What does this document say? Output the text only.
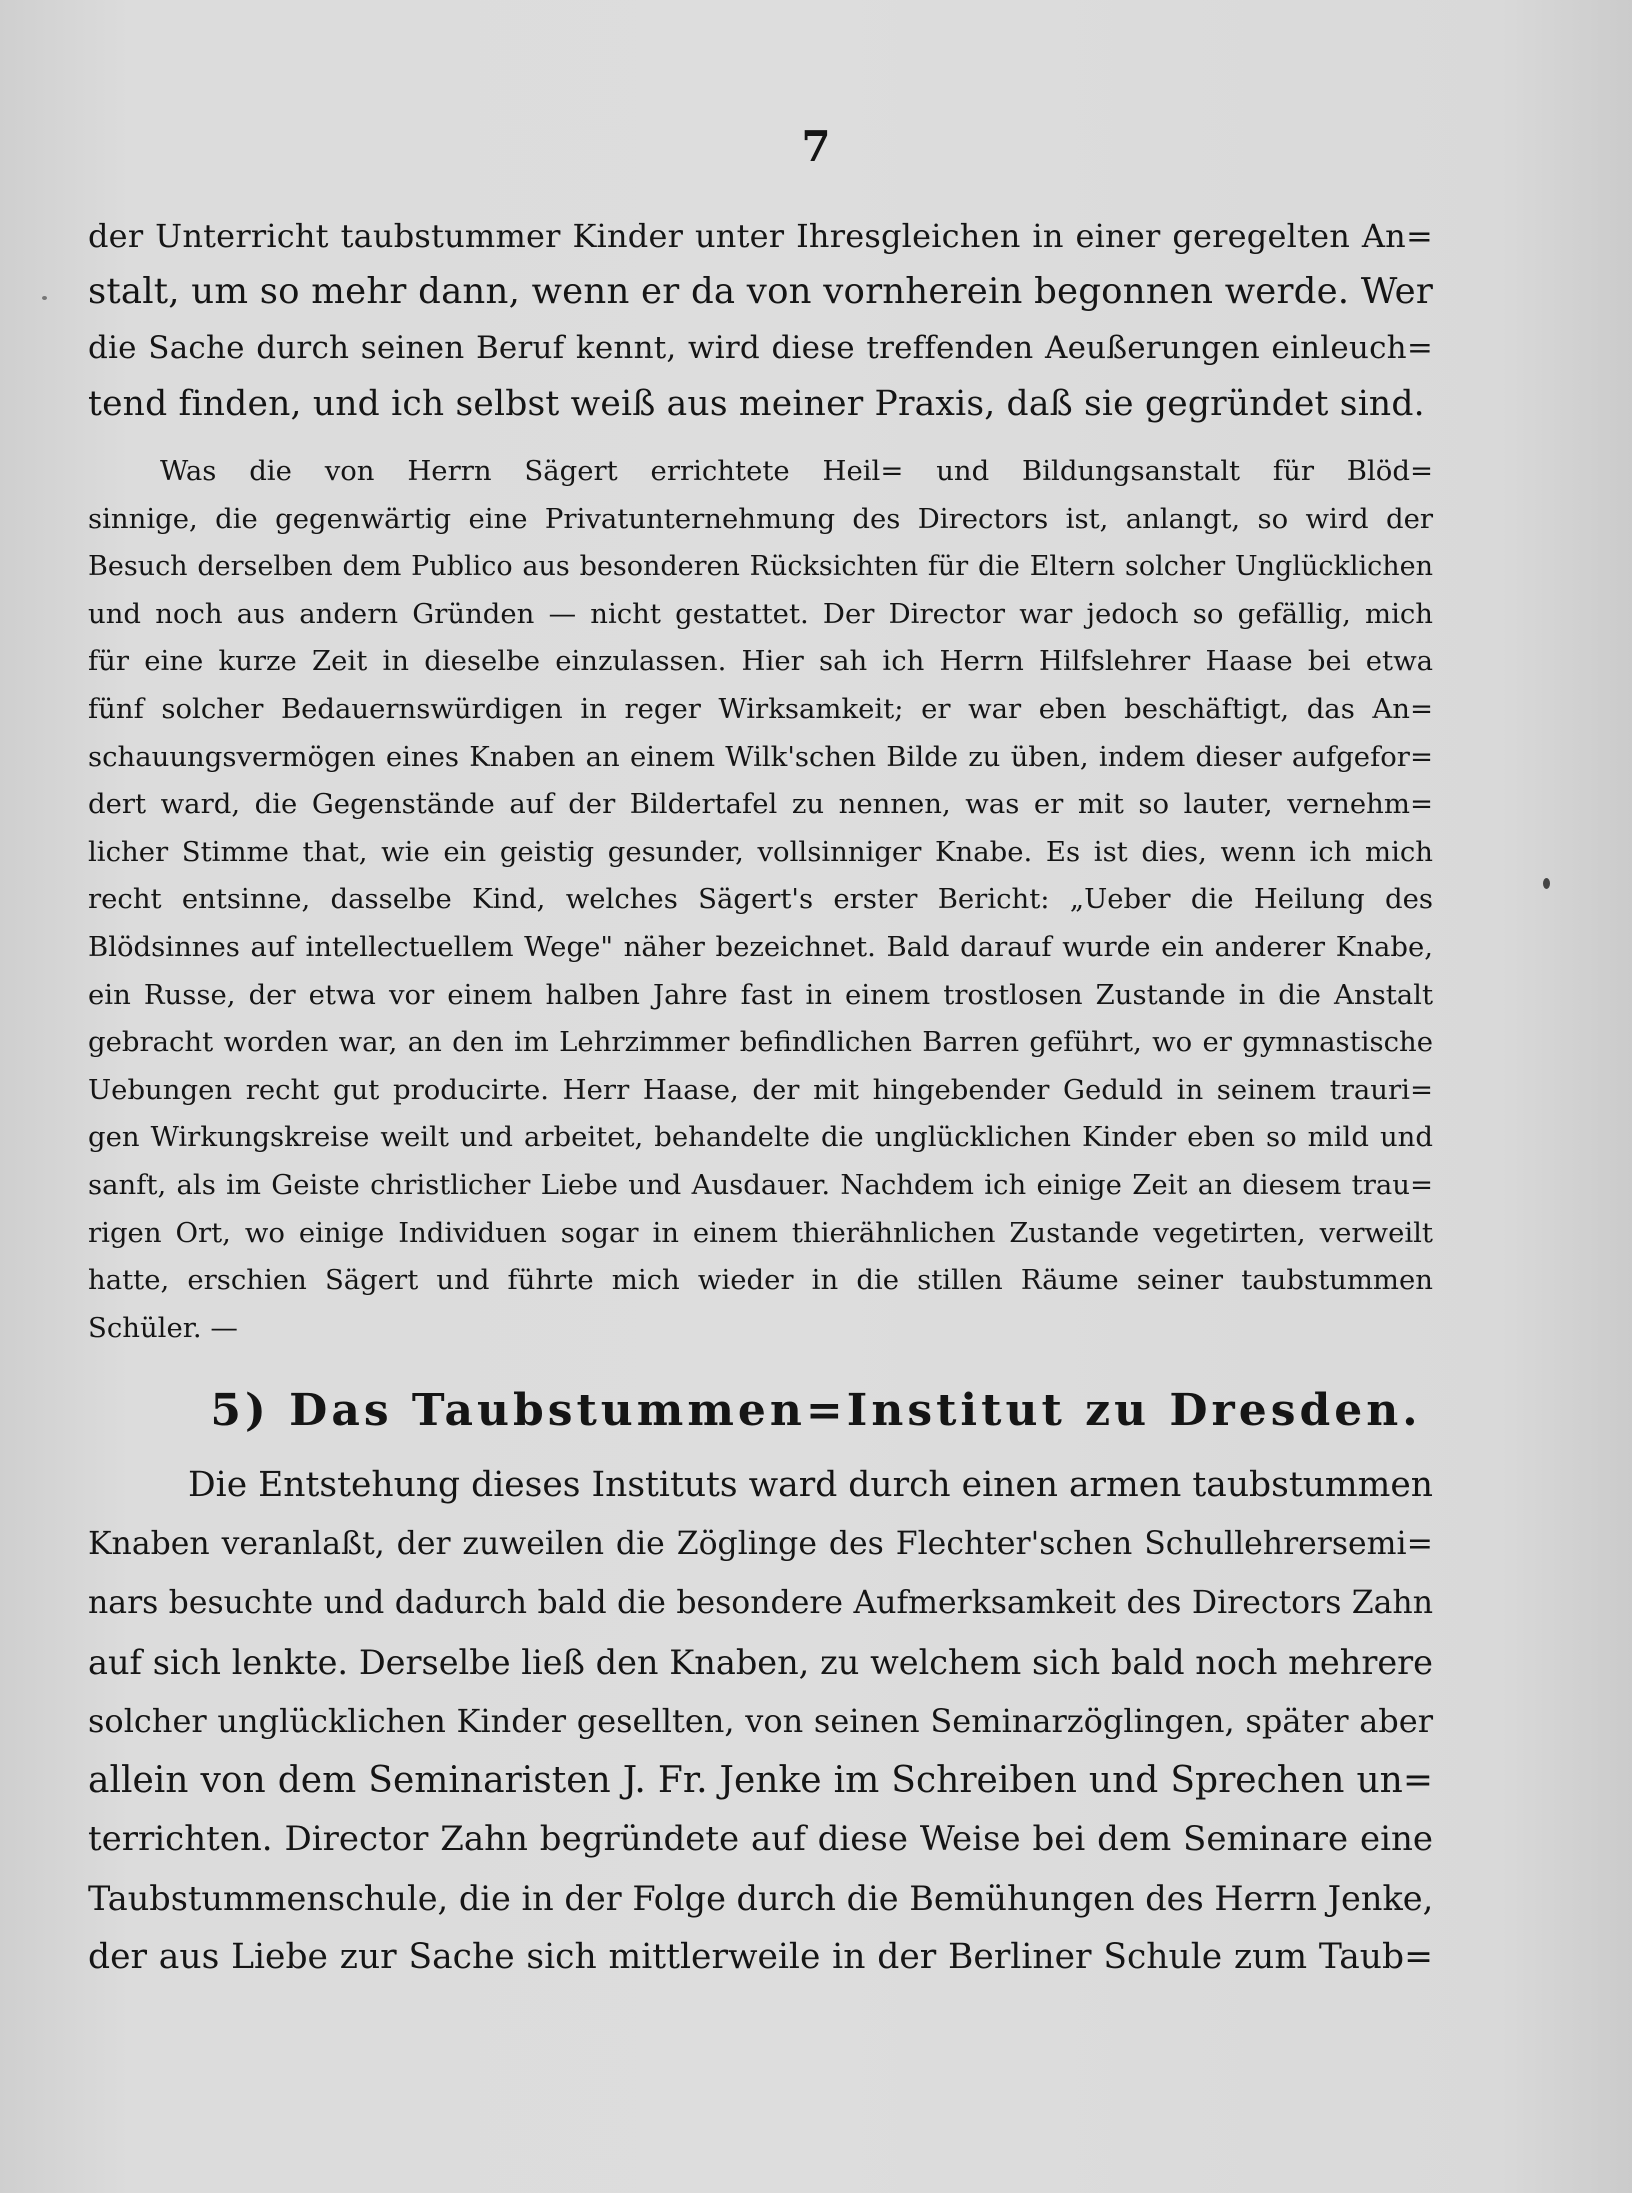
7
der Unterricht taubstummer Kinder unter Ihresgleichen in einer geregelten An=
stalt, um so mehr dann, wenn er da von vornherein begonnen werde. Wer
die Sache durch seinen Beruf kennt, wird diese treffenden Aeußerungen einleuch=
tend finden, und ich selbst weiß aus meiner Praxis, daß sie gegründet sind.
Was die von Herrn Sägert errichtete Heil= und Bildungsanstalt für Blöd=
sinnige, die gegenwärtig eine Privatunternehmung des Directors ist, anlangt, so wird der
Besuch derselben dem Publico aus besonderen Rücksichten für die Eltern solcher Unglücklichen
und noch aus andern Gründen — nicht gestattet. Der Director war jedoch so gefällig, mich
für eine kurze Zeit in dieselbe einzulassen. Hier sah ich Herrn Hilfslehrer Haase bei etwa
fünf solcher Bedauernswürdigen in reger Wirksamkeit; er war eben beschäftigt, das An=
schauungsvermögen eines Knaben an einem Wilk'schen Bilde zu üben, indem dieser aufgefor=
dert ward, die Gegenstände auf der Bildertafel zu nennen, was er mit so lauter, vernehm=
licher Stimme that, wie ein geistig gesunder, vollsinniger Knabe. Es ist dies, wenn ich mich
recht entsinne, dasselbe Kind, welches Sägert's erster Bericht: „Ueber die Heilung des
Blödsinnes auf intellectuellem Wege" näher bezeichnet. Bald darauf wurde ein anderer Knabe,
ein Russe, der etwa vor einem halben Jahre fast in einem trostlosen Zustande in die Anstalt
gebracht worden war, an den im Lehrzimmer befindlichen Barren geführt, wo er gymnastische
Uebungen recht gut producirte. Herr Haase, der mit hingebender Geduld in seinem trauri=
gen Wirkungskreise weilt und arbeitet, behandelte die unglücklichen Kinder eben so mild und
sanft, als im Geiste christlicher Liebe und Ausdauer. Nachdem ich einige Zeit an diesem trau=
rigen Ort, wo einige Individuen sogar in einem thierähnlichen Zustande vegetirten, verweilt
hatte, erschien Sägert und führte mich wieder in die stillen Räume seiner taubstummen
Schüler. —
5) Das Taubstummen=Institut zu Dresden.
Die Entstehung dieses Instituts ward durch einen armen taubstummen
Knaben veranlaßt, der zuweilen die Zöglinge des Flechter'schen Schullehrersemi=
nars besuchte und dadurch bald die besondere Aufmerksamkeit des Directors Zahn
auf sich lenkte. Derselbe ließ den Knaben, zu welchem sich bald noch mehrere
solcher unglücklichen Kinder gesellten, von seinen Seminarzöglingen, später aber
allein von dem Seminaristen J. Fr. Jenke im Schreiben und Sprechen un=
terrichten. Director Zahn begründete auf diese Weise bei dem Seminare eine
Taubstummenschule, die in der Folge durch die Bemühungen des Herrn Jenke,
der aus Liebe zur Sache sich mittlerweile in der Berliner Schule zum Taub=
